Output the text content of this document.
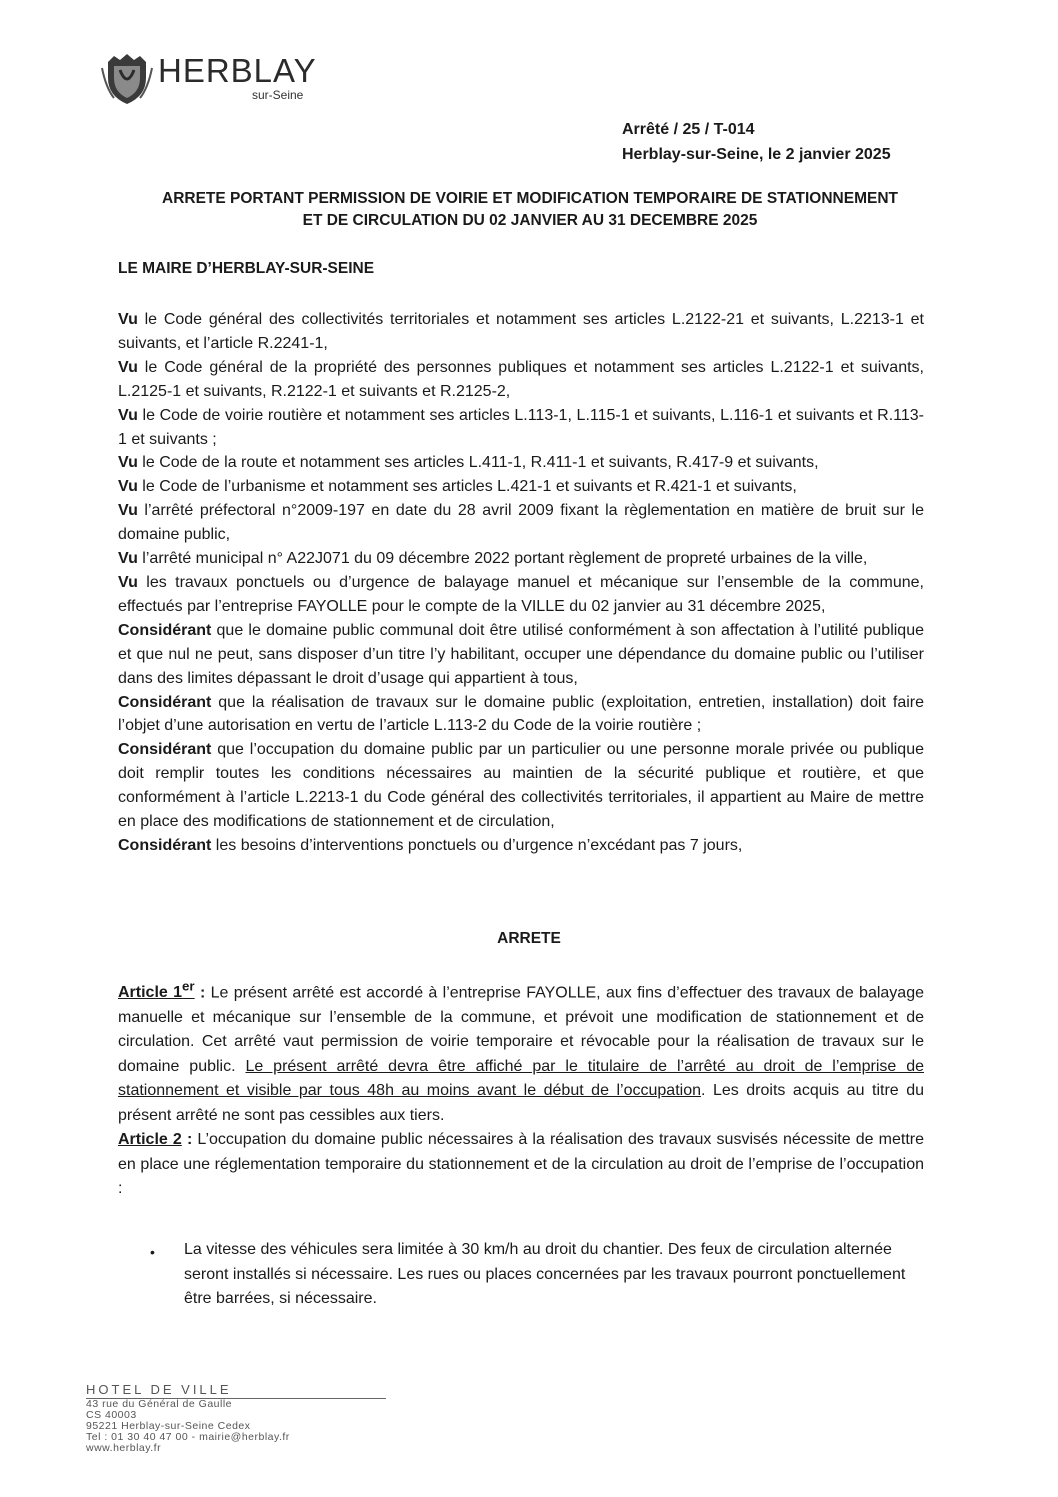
HERBLAY
sur-Seine
Arrêté / 25 / T-014
Herblay-sur-Seine, le 2 janvier 2025
ARRETE PORTANT PERMISSION DE VOIRIE ET MODIFICATION TEMPORAIRE DE STATIONNEMENT
ET DE CIRCULATION DU 02 JANVIER AU 31 DECEMBRE 2025
LE MAIRE D’HERBLAY-SUR-SEINE

Vu le Code général des collectivités territoriales et notamment ses articles L.2122-21 et suivants, L.2213-1 et suivants, et l’article R.2241-1,

Vu le Code général de la propriété des personnes publiques et notamment ses articles L.2122-1 et suivants, L.2125-1 et suivants, R.2122-1 et suivants et R.2125-2,

Vu le Code de voirie routière et notamment ses articles L.113-1, L.115-1 et suivants, L.116-1 et suivants et R.113-1 et suivants ;

Vu le Code de la route et notamment ses articles L.411-1, R.411-1 et suivants, R.417-9 et suivants,

Vu le Code de l’urbanisme et notamment ses articles L.421-1 et suivants et R.421-1 et suivants,

Vu l’arrêté préfectoral n°2009-197 en date du 28 avril 2009 fixant la règlementation en matière de bruit sur le domaine public,

Vu l’arrêté municipal n° A22J071 du 09 décembre 2022 portant règlement de propreté urbaines de la ville,

Vu les travaux ponctuels ou d’urgence de balayage manuel et mécanique sur l’ensemble de la commune, effectués par l’entreprise FAYOLLE pour le compte de la VILLE du 02 janvier au 31 décembre 2025,

Considérant que le domaine public communal doit être utilisé conformément à son affectation à l’utilité publique et que nul ne peut, sans disposer d’un titre l’y habilitant, occuper une dépendance du domaine public ou l’utiliser dans des limites dépassant le droit d’usage qui appartient à tous,

Considérant que la réalisation de travaux sur le domaine public (exploitation, entretien, installation) doit faire l’objet d’une autorisation en vertu de l’article L.113-2 du Code de la voirie routière ;

Considérant que l’occupation du domaine public par un particulier ou une personne morale privée ou publique doit remplir toutes les conditions nécessaires au maintien de la sécurité publique et routière, et que conformément à l’article L.2213-1 du Code général des collectivités territoriales, il appartient au Maire de mettre en place des modifications de stationnement et de circulation,

Considérant les besoins d’interventions ponctuels ou d’urgence n’excédant pas 7 jours,

ARRETE

Article 1er : Le présent arrêté est accordé à l’entreprise FAYOLLE, aux fins d’effectuer des travaux de balayage manuelle et mécanique sur l’ensemble de la commune, et prévoit une modification de stationnement et de circulation. Cet arrêté vaut permission de voirie temporaire et révocable pour la réalisation de travaux sur le domaine public. Le présent arrêté devra être affiché par le titulaire de l’arrêté au droit de l’emprise de stationnement et visible par tous 48h au moins avant le début de l’occupation. Les droits acquis au titre du présent arrêté ne sont pas cessibles aux tiers.

Article 2 : L’occupation du domaine public nécessaires à la réalisation des travaux susvisés nécessite de mettre en place une réglementation temporaire du stationnement et de la circulation au droit de l’emprise de l’occupation :

• La vitesse des véhicules sera limitée à 30 km/h au droit du chantier. Des feux de circulation alternée seront installés si nécessaire. Les rues ou places concernées par les travaux pourront ponctuellement être barrées, si nécessaire.
HOTEL DE VILLE
43 rue du Général de Gaulle
CS 40003
95221 Herblay-sur-Seine Cedex
Tel : 01 30 40 47 00 - mairie@herblay.fr
www.herblay.fr
